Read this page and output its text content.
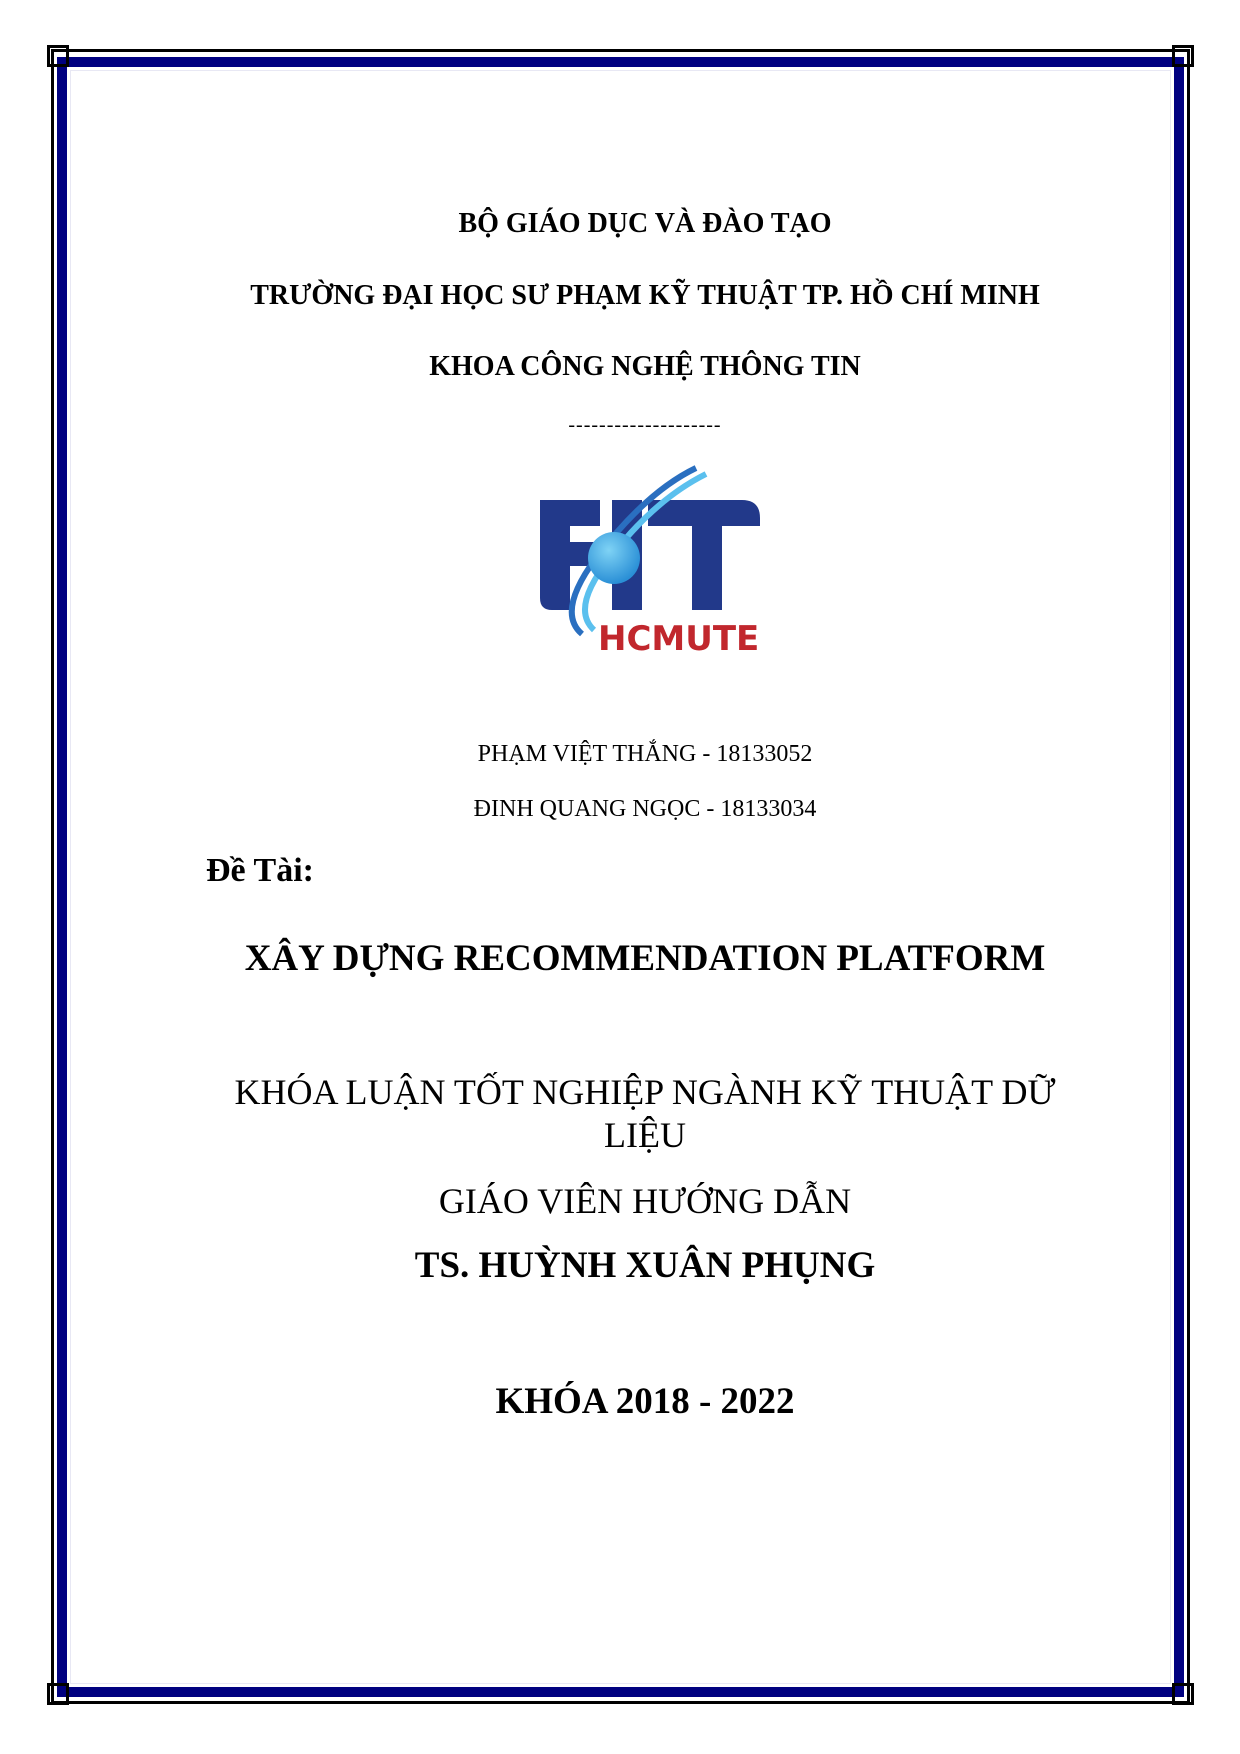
BỘ GIÁO DỤC VÀ ĐÀO TẠO
TRƯỜNG ĐẠI HỌC SƯ PHẠM KỸ THUẬT TP. HỒ CHÍ MINH
KHOA CÔNG NGHỆ THÔNG TIN
--------------------
HCMUTE
PHẠM VIỆT THẮNG - 18133052
ĐINH QUANG NGỌC - 18133034
Đề Tài:
XÂY DỰNG RECOMMENDATION PLATFORM
KHÓA LUẬN TỐT NGHIỆP NGÀNH KỸ THUẬT DỮ
LIỆU
GIÁO VIÊN HƯỚNG DẪN
TS. HUỲNH XUÂN PHỤNG
KHÓA 2018 - 2022
